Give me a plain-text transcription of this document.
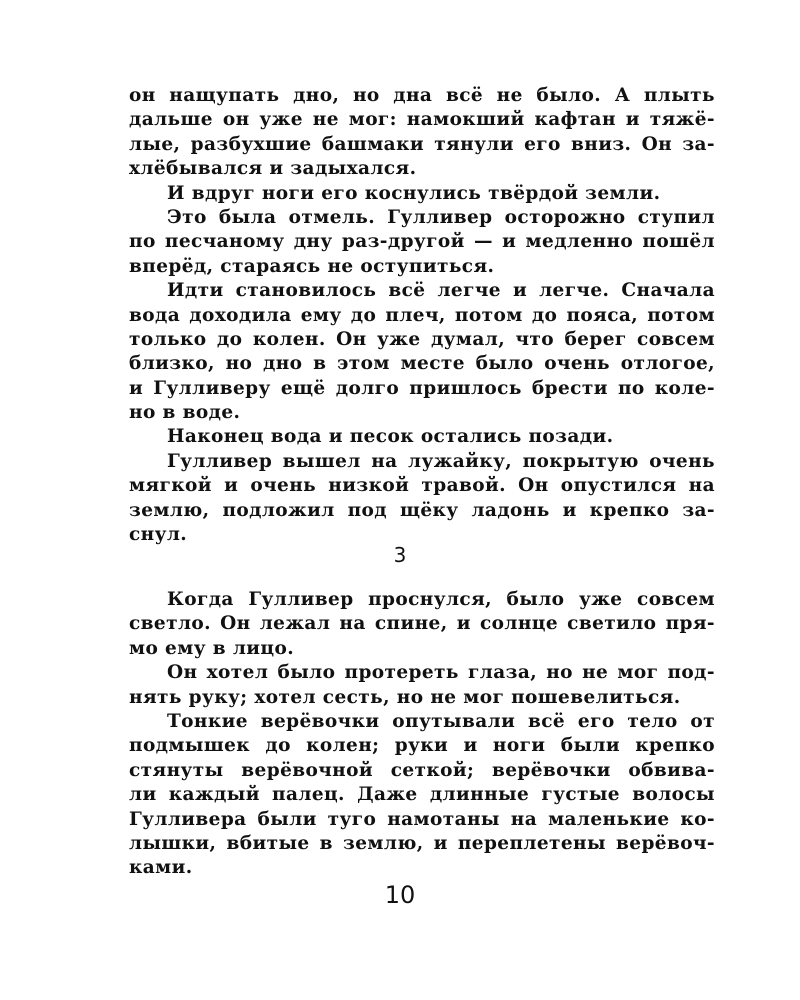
он нащупать дно, но дна всё не было. А плыть
дальше он уже не мог: намокший кафтан и тяжё-
лые, разбухшие башмаки тянули его вниз. Он за-
хлёбывался и задыхался.
И вдруг ноги его коснулись твёрдой земли.
Это была отмель. Гулливер осторожно ступил
по песчаному дну раз-другой — и медленно пошёл
вперёд, стараясь не оступиться.
Идти становилось всё легче и легче. Сначала
вода доходила ему до плеч, потом до пояса, потом
только до колен. Он уже думал, что берег совсем
близко, но дно в этом месте было очень отлогое,
и Гулливеру ещё долго пришлось брести по коле-
но в воде.
Наконец вода и песок остались позади.
Гулливер вышел на лужайку, покрытую очень
мягкой и очень низкой травой. Он опустился на
землю, подложил под щёку ладонь и крепко за-
снул.
3
Когда Гулливер проснулся, было уже совсем
светло. Он лежал на спине, и солнце светило пря-
мо ему в лицо.
Он хотел было протереть глаза, но не мог под-
нять руку; хотел сесть, но не мог пошевелиться.
Тонкие верёвочки опутывали всё его тело от
подмышек до колен; руки и ноги были крепко
стянуты верёвочной сеткой; верёвочки обвива-
ли каждый палец. Даже длинные густые волосы
Гулливера были туго намотаны на маленькие ко-
лышки, вбитые в землю, и переплетены верёвоч-
ками.
10
